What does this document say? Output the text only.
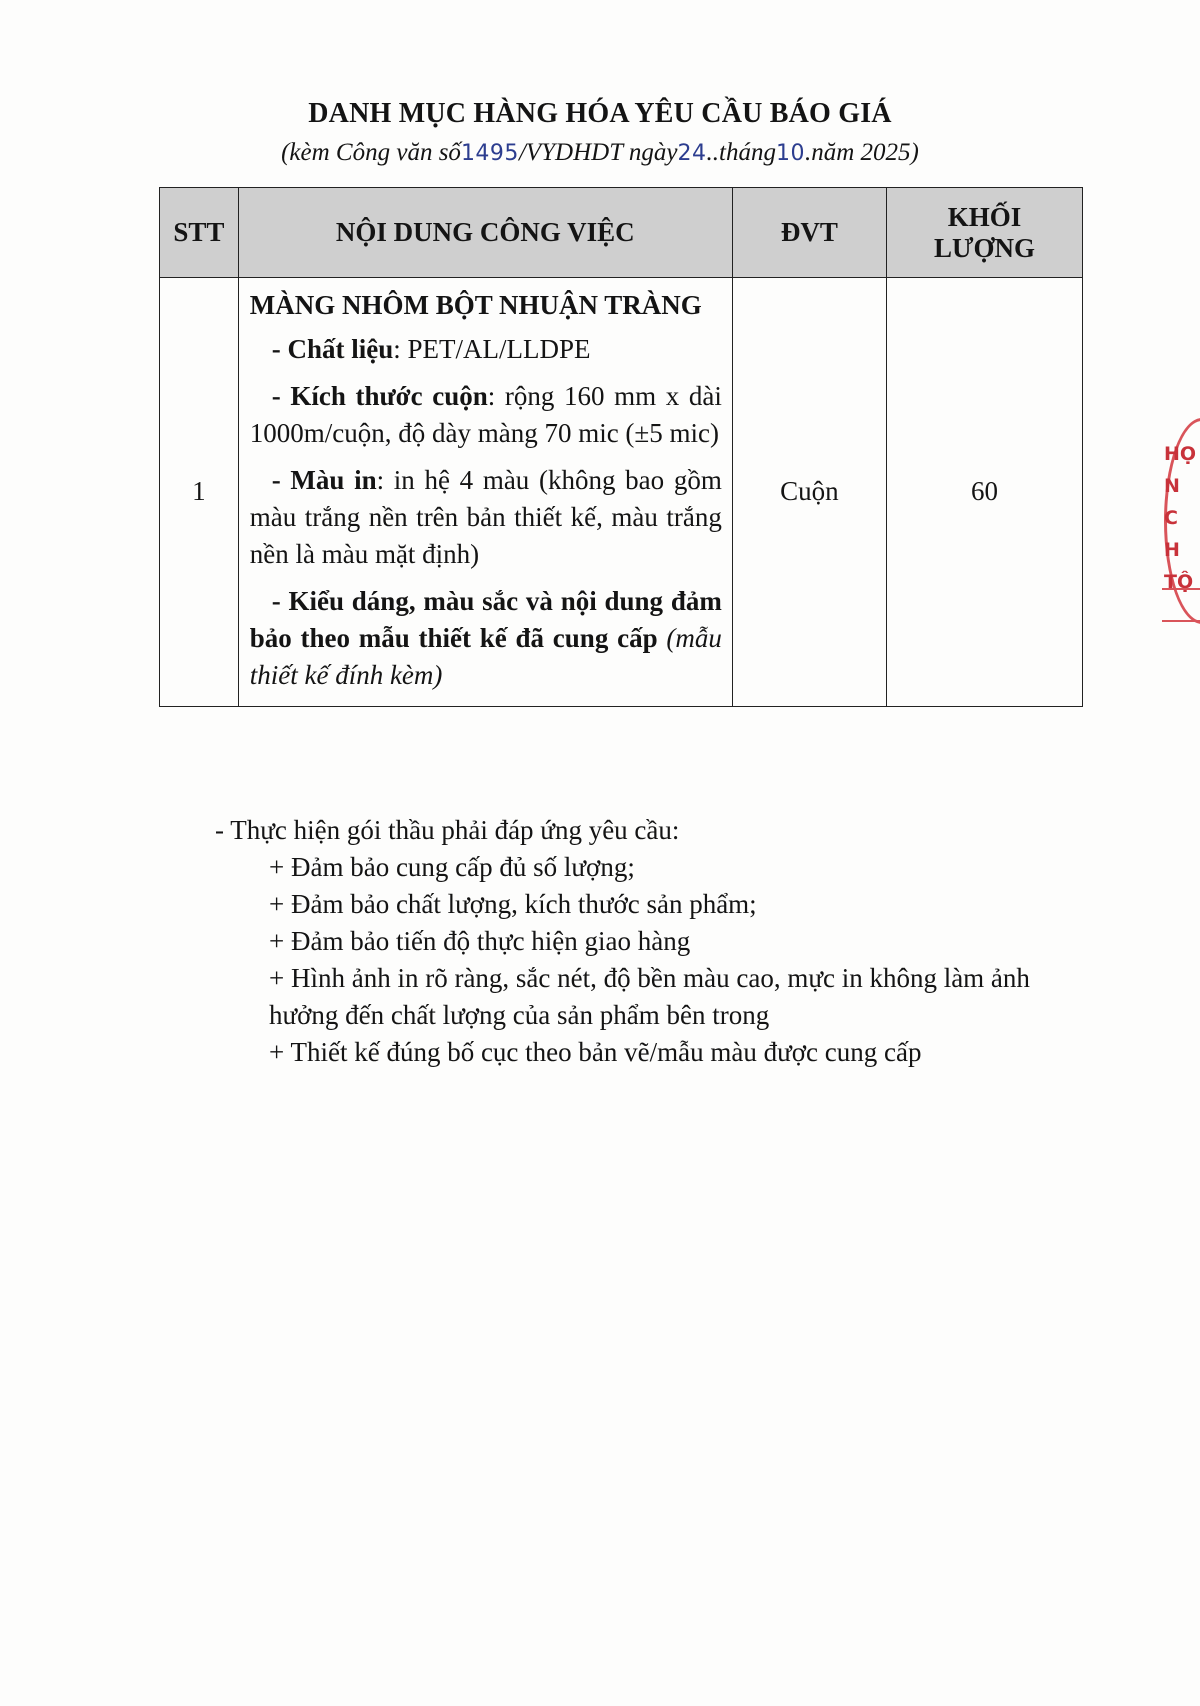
DANH MỤC HÀNG HÓA YÊU CẦU BÁO GIÁ
(kèm Công văn số1495/VYDHDT ngày24..tháng10.năm 2025)
STT	NỘI DUNG CÔNG VIỆC	ĐVT	KHỐI
LƯỢNG
1	MÀNG NHÔM BỘT NHUẬN TRÀNG
- Chất liệu: PET/AL/LLDPE
- Kích thước cuộn: rộng 160 mm x dài 1000m/cuộn, độ dày màng 70 mic (±5 mic)
- Màu in: in hệ 4 màu (không bao gồm màu trắng nền trên bản thiết kế, màu trắng nền là màu mặt định)
- Kiểu dáng, màu sắc và nội dung đảm bảo theo mẫu thiết kế đã cung cấp (mẫu thiết kế đính kèm)	Cuộn	60
- Thực hiện gói thầu phải đáp ứng yêu cầu:
+ Đảm bảo cung cấp đủ số lượng;
+ Đảm bảo chất lượng, kích thước sản phẩm;
+ Đảm bảo tiến độ thực hiện giao hàng
+ Hình ảnh in rõ ràng, sắc nét, độ bền màu cao, mực in không làm ảnh hưởng đến chất lượng của sản phẩm bên trong
+ Thiết kế đúng bố cục theo bản vẽ/mẫu màu được cung cấp
HỌ
N
C H
TỘ
